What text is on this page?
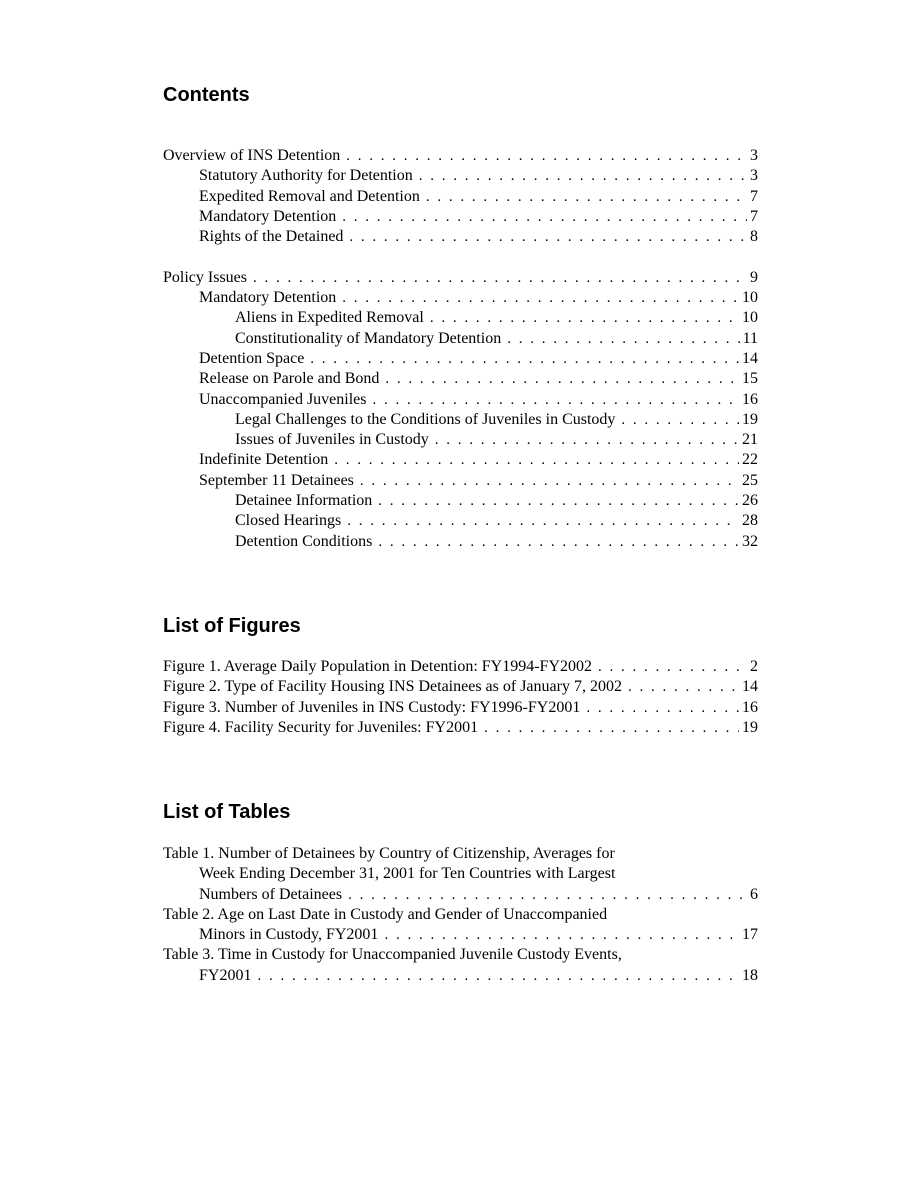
Contents
Overview of INS Detention . . .	3
Statutory Authority for Detention . . .	3
Expedited Removal and Detention . . .	7
Mandatory Detention . . .	7
Rights of the Detained . . .	8
Policy Issues . . .	9
Mandatory Detention . . .	10
Aliens in Expedited Removal . . .	10
Constitutionality of Mandatory Detention . . .	11
Detention Space . . .	14
Release on Parole and Bond . . .	15
Unaccompanied Juveniles . . .	16
Legal Challenges to the Conditions of Juveniles in Custody . . .	19
Issues of Juveniles in Custody . . .	21
Indefinite Detention . . .	22
September 11 Detainees . . .	25
Detainee Information . . .	26
Closed Hearings . . .	28
Detention Conditions . . .	32
List of Figures
Figure 1. Average Daily Population in Detention: FY1994-FY2002 . . .	2
Figure 2. Type of Facility Housing INS Detainees as of January 7, 2002 . . .	14
Figure 3. Number of Juveniles in INS Custody: FY1996-FY2001 . . .	16
Figure 4. Facility Security for Juveniles: FY2001 . . .	19
List of Tables
Table 1. Number of Detainees by Country of Citizenship, Averages for
Week Ending December 31, 2001 for Ten Countries with Largest
Numbers of Detainees . . .	6
Table 2. Age on Last Date in Custody and Gender of Unaccompanied
Minors in Custody, FY2001 . . .	17
Table 3. Time in Custody for Unaccompanied Juvenile Custody Events,
FY2001 . . .	18
